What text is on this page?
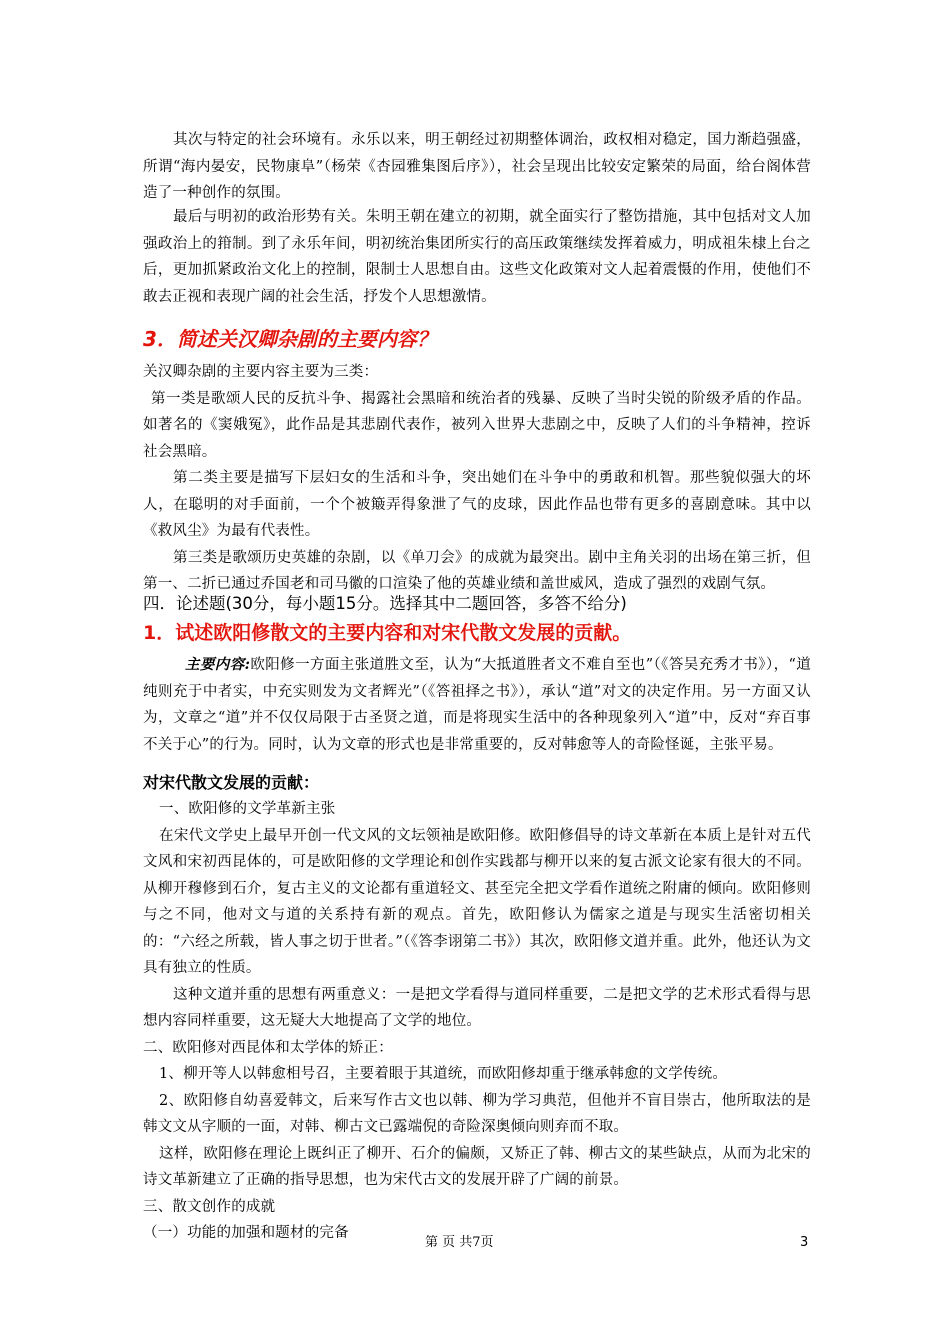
其次与特定的社会环境有。永乐以来，明王朝经过初期整体调治，政权相对稳定，国力渐趋强盛，所谓“海内晏安，民物康阜”（杨荣《杏园雅集图后序》），社会呈现出比较安定繁荣的局面，给台阁体营造了一种创作的氛围。

最后与明初的政治形势有关。朱明王朝在建立的初期，就全面实行了整饬措施，其中包括对文人加强政治上的箝制。到了永乐年间，明初统治集团所实行的高压政策继续发挥着威力，明成祖朱棣上台之后，更加抓紧政治文化上的控制，限制士人思想自由。这些文化政策对文人起着震慑的作用，使他们不敢去正视和表现广阔的社会生活，抒发个人思想激情。

3．简述关汉卿杂剧的主要内容？

关汉卿杂剧的主要内容主要为三类：

第一类是歌颂人民的反抗斗争、揭露社会黑暗和统治者的残暴、反映了当时尖锐的阶级矛盾的作品。如著名的《窦娥冤》，此作品是其悲剧代表作，被列入世界大悲剧之中，反映了人们的斗争精神，控诉社会黑暗。

第二类主要是描写下层妇女的生活和斗争，突出她们在斗争中的勇敢和机智。那些貌似强大的坏人，在聪明的对手面前，一个个被簸弄得象泄了气的皮球，因此作品也带有更多的喜剧意味。其中以《救风尘》为最有代表性。

第三类是歌颂历史英雄的杂剧，以《单刀会》的成就为最突出。剧中主角关羽的出场在第三折，但第一、二折已通过乔国老和司马徽的口渲染了他的英雄业绩和盖世威风，造成了强烈的戏剧气氛。

四．论述题(30分，每小题15分。选择其中二题回答，多答不给分)

1．试述欧阳修散文的主要内容和对宋代散文发展的贡献。

主要内容:欧阳修一方面主张道胜文至，认为“大抵道胜者文不难自至也”（《答吴充秀才书》），“道纯则充于中者实，中充实则发为文者辉光”（《答祖择之书》），承认“道”对文的决定作用。另一方面又认为，文章之“道”并不仅仅局限于古圣贤之道，而是将现实生活中的各种现象列入“道”中，反对“弃百事不关于心”的行为。同时，认为文章的形式也是非常重要的，反对韩愈等人的奇险怪诞，主张平易。

对宋代散文发展的贡献：

一、欧阳修的文学革新主张

在宋代文学史上最早开创一代文风的文坛领袖是欧阳修。欧阳修倡导的诗文革新在本质上是针对五代文风和宋初西昆体的，可是欧阳修的文学理论和创作实践都与柳开以来的复古派文论家有很大的不同。从柳开穆修到石介，复古主义的文论都有重道轻文、甚至完全把文学看作道统之附庸的倾向。欧阳修则与之不同，他对文与道的关系持有新的观点。首先，欧阳修认为儒家之道是与现实生活密切相关的：“六经之所载，皆人事之切于世者。”（《答李诩第二书》）其次，欧阳修文道并重。此外，他还认为文具有独立的性质。

这种文道并重的思想有两重意义：一是把文学看得与道同样重要，二是把文学的艺术形式看得与思想内容同样重要，这无疑大大地提高了文学的地位。

二、欧阳修对西昆体和太学体的矫正：

1、柳开等人以韩愈相号召，主要着眼于其道统，而欧阳修却重于继承韩愈的文学传统。

2、欧阳修自幼喜爱韩文，后来写作古文也以韩、柳为学习典范，但他并不盲目崇古，他所取法的是韩文文从字顺的一面，对韩、柳古文已露端倪的奇险深奥倾向则弃而不取。

这样，欧阳修在理论上既纠正了柳开、石介的偏颇，又矫正了韩、柳古文的某些缺点，从而为北宋的诗文革新建立了正确的指导思想，也为宋代古文的发展开辟了广阔的前景。

三、散文创作的成就

（一）功能的加强和题材的完备

第 页 共7页	3
